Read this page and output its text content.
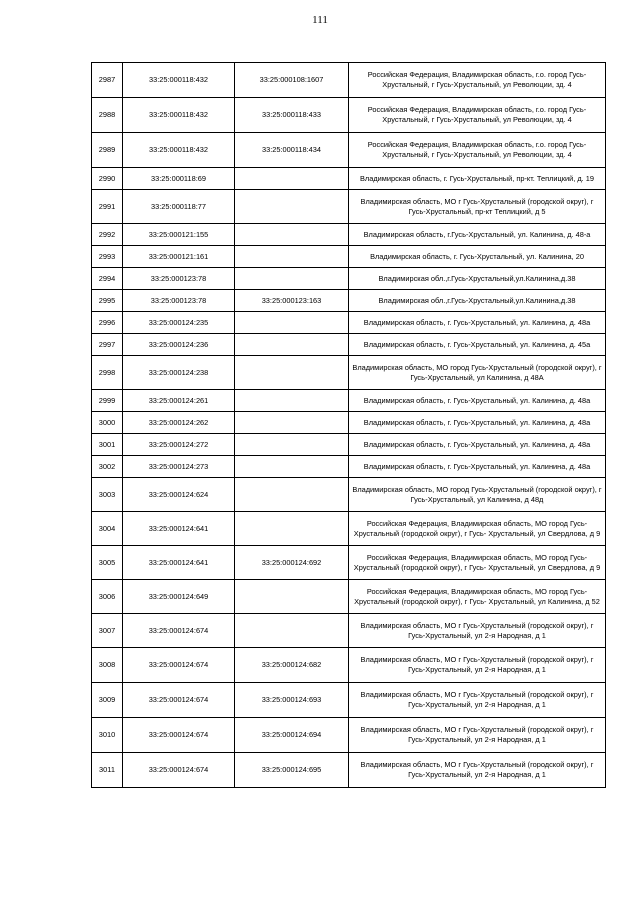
111
2987	33:25:000118:432	33:25:000108:1607	Российская Федерация, Владимирская область, г.о. город Гусь-Хрустальный, г Гусь-Хрустальный, ул Революции, зд. 4
2988	33:25:000118:432	33:25:000118:433	Российская Федерация, Владимирская область, г.о. город Гусь-Хрустальный, г Гусь-Хрустальный, ул Революции, зд. 4
2989	33:25:000118:432	33:25:000118:434	Российская Федерация, Владимирская область, г.о. город Гусь-Хрустальный, г Гусь-Хрустальный, ул Революции, зд. 4
2990	33:25:000118:69		Владимирская область, г. Гусь-Хрустальный, пр-кт. Теплицкий, д. 19
2991	33:25:000118:77		Владимирская область, МО г Гусь-Хрустальный (городской округ), г Гусь-Хрустальный, пр-кт Теплицкий, д 5
2992	33:25:000121:155		Владимирская область, г.Гусь-Хрустальный, ул. Калинина, д. 48-а
2993	33:25:000121:161		Владимирская область, г. Гусь-Хрустальный, ул. Калинина, 20
2994	33:25:000123:78		Владимирская обл.,г.Гусь-Хрустальный,ул.Калинина,д.38
2995	33:25:000123:78	33:25:000123:163	Владимирская обл.,г.Гусь-Хрустальный,ул.Калинина,д.38
2996	33:25:000124:235		Владимирская область, г. Гусь-Хрустальный, ул. Калинина, д. 48а
2997	33:25:000124:236		Владимирская область, г. Гусь-Хрустальный, ул. Калинина, д. 45а
2998	33:25:000124:238		Владимирская область, МО город Гусь-Хрустальный (городской округ), г Гусь-Хрустальный, ул Калинина, д 48А
2999	33:25:000124:261		Владимирская область, г. Гусь-Хрустальный, ул. Калинина, д. 48а
3000	33:25:000124:262		Владимирская область, г. Гусь-Хрустальный, ул. Калинина, д. 48а
3001	33:25:000124:272		Владимирская область, г. Гусь-Хрустальный, ул. Калинина, д. 48а
3002	33:25:000124:273		Владимирская область, г. Гусь-Хрустальный, ул. Калинина, д. 48а
3003	33:25:000124:624		Владимирская область, МО город Гусь-Хрустальный (городской округ), г Гусь-Хрустальный, ул Калинина, д 48д
3004	33:25:000124:641		Российская Федерация, Владимирская область, МО город Гусь-Хрустальный (городской округ), г Гусь- Хрустальный, ул Свердлова, д 9
3005	33:25:000124:641	33:25:000124:692	Российская Федерация, Владимирская область, МО город Гусь-Хрустальный (городской округ), г Гусь- Хрустальный, ул Свердлова, д 9
3006	33:25:000124:649		Российская Федерация, Владимирская область, МО город Гусь-Хрустальный (городской округ), г Гусь- Хрустальный, ул Калинина, д 52
3007	33:25:000124:674		Владимирская область, МО г Гусь-Хрустальный (городской округ), г Гусь-Хрустальный, ул 2-я Народная, д 1
3008	33:25:000124:674	33:25:000124:682	Владимирская область, МО г Гусь-Хрустальный (городской округ), г Гусь-Хрустальный, ул 2-я Народная, д 1
3009	33:25:000124:674	33:25:000124:693	Владимирская область, МО г Гусь-Хрустальный (городской округ), г Гусь-Хрустальный, ул 2-я Народная, д 1
3010	33:25:000124:674	33:25:000124:694	Владимирская область, МО г Гусь-Хрустальный (городской округ), г Гусь-Хрустальный, ул 2-я Народная, д 1
3011	33:25:000124:674	33:25:000124:695	Владимирская область, МО г Гусь-Хрустальный (городской округ), г Гусь-Хрустальный, ул 2-я Народная, д 1
